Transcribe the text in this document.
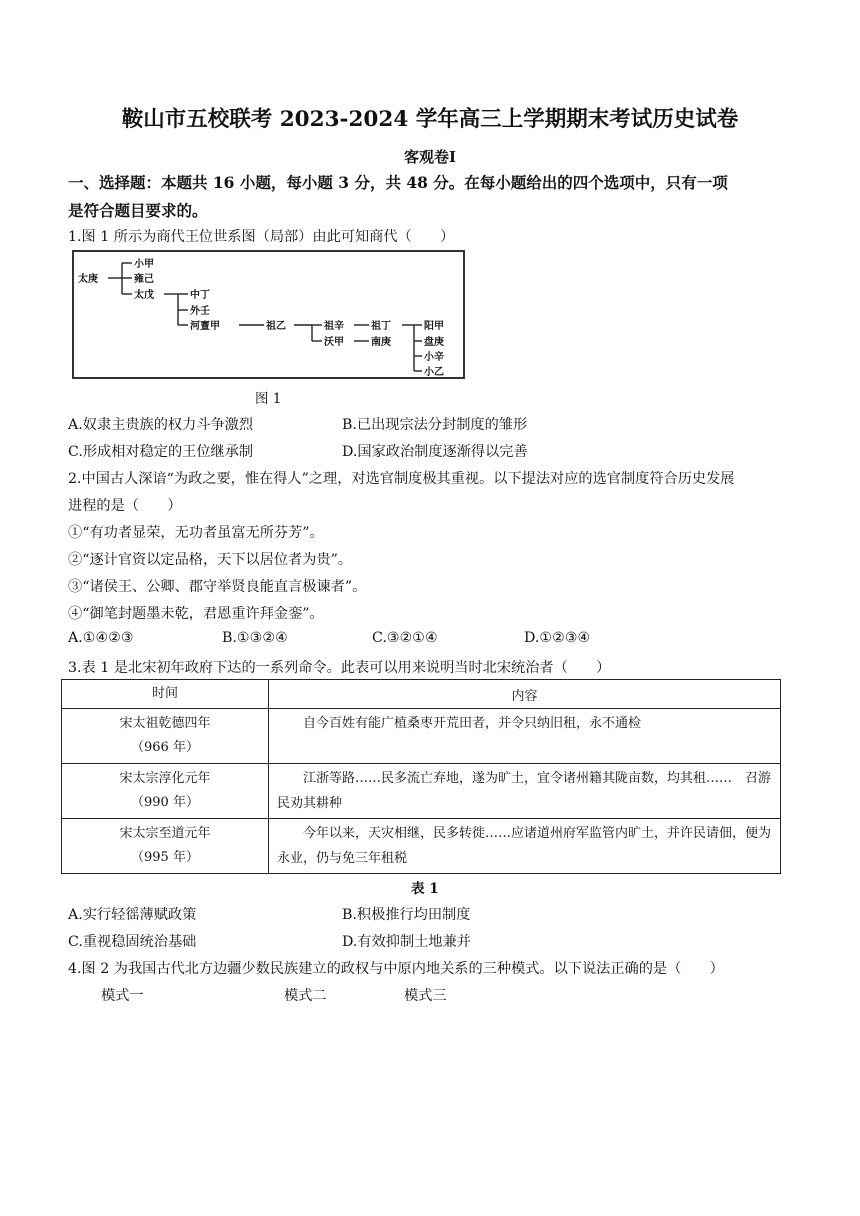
鞍山市五校联考 2023-2024 学年高三上学期期末考试历史试卷
客观卷Ⅰ
一、选择题：本题共 16 小题，每小题 3 分，共 48 分。在每小题给出的四个选项中，只有一项
是符合题目要求的。
1.图 1 所示为商代王位世系图（局部）由此可知商代（　　）
太庚
小甲
雍己
太戊	中丁
外壬
河亶甲	祖乙	祖辛
沃甲
祖丁
南庚
阳甲
盘庚
小辛
小乙
图 1
A.奴隶主贵族的权力斗争激烈	B.已出现宗法分封制度的雏形
C.形成相对稳定的王位继承制	D.国家政治制度逐渐得以完善
2.中国古人深谙“为政之要，惟在得人”之理，对选官制度极其重视。以下提法对应的选官制度符合历史发展
进程的是（　　）
①“有功者显荣，无功者虽富无所芬芳”。
②“逐计官资以定品格，天下以居位者为贵”。
③“诸侯王、公卿、郡守举贤良能直言极谏者”。
④“御笔封题墨未乾，君恩重许拜金銮”。
A.①④②③	B.①③②④	C.③②①④	D.①②③④
3.表 1 是北宋初年政府下达的一系列命令。此表可以用来说明当时北宋统治者（　　）
时间	内容

宋太祖乾德四年
（966 年）	自今百姓有能广植桑枣开荒田者，并令只纳旧租，永不通检

宋太宗淳化元年
（990 年）	江浙等路……民多流亡弃地，遂为旷土，宜令诸州籍其陇亩数，均其租……　召游民劝其耕种

宋太宗至道元年
（995 年）	今年以来，天灾相继，民多转徙……应诸道州府军监管内旷土，并许民请佃，便为永业，仍与免三年租税
表 1
A.实行轻徭薄赋政策	B.积极推行均田制度
C.重视稳固统治基础	D.有效抑制土地兼并
4.图 2 为我国古代北方边疆少数民族建立的政权与中原内地关系的三种模式。以下说法正确的是（　　）
模式一	模式二	模式三
